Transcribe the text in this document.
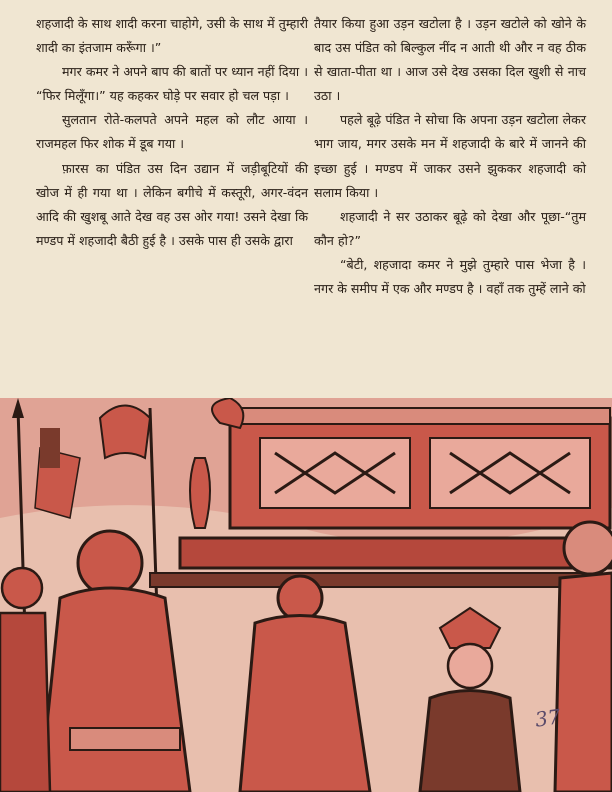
शहजादी के साथ शादी करना चाहोगे, उसी के साथ में तुम्हारी शादी का इंतजाम करूँगा ।”

मगर कमर ने अपने बाप की बातों पर ध्यान नहीं दिया । “फिर मिलूँगा।” यह कहकर घोड़े पर सवार हो चल पड़ा ।

सुलतान रोते-कलपते अपने महल को लौट आया । राजमहल फिर शोक में डूब गया ।

फ़ारस का पंडित उस दिन उद्यान में जड़ीबूटियों की खोज में ही गया था । लेकिन बगीचे में कस्तूरी, अगर-वंदन आदि की खुशबू आते देख वह उस ओर गया! उसने देखा कि मण्डप में शहजादी बैठी हुई है । उसके पास ही उसके द्वारा

तैयार किया हुआ उड़न खटोला है । उड़न खटोले को खोने के बाद उस पंडित को बिल्कुल नींद न आती थी और न वह ठीक से खाता-पीता था । आज उसे देख उसका दिल खुशी से नाच उठा ।

पहले बूढ़े पंडित ने सोचा कि अपना उड़न खटोला लेकर भाग जाय, मगर उसके मन में शहजादी के बारे में जानने की इच्छा हुई । मण्डप में जाकर उसने झुककर शहजादी को सलाम किया ।

शहजादी ने सर उठाकर बूढ़े को देखा और पूछा-“तुम कौन हो?”

“बेटी, शहजादा कमर ने मुझे तुम्हारे पास भेजा है । नगर के समीप में एक और मण्डप है । वहाँ तक तुम्हें लाने को

37
